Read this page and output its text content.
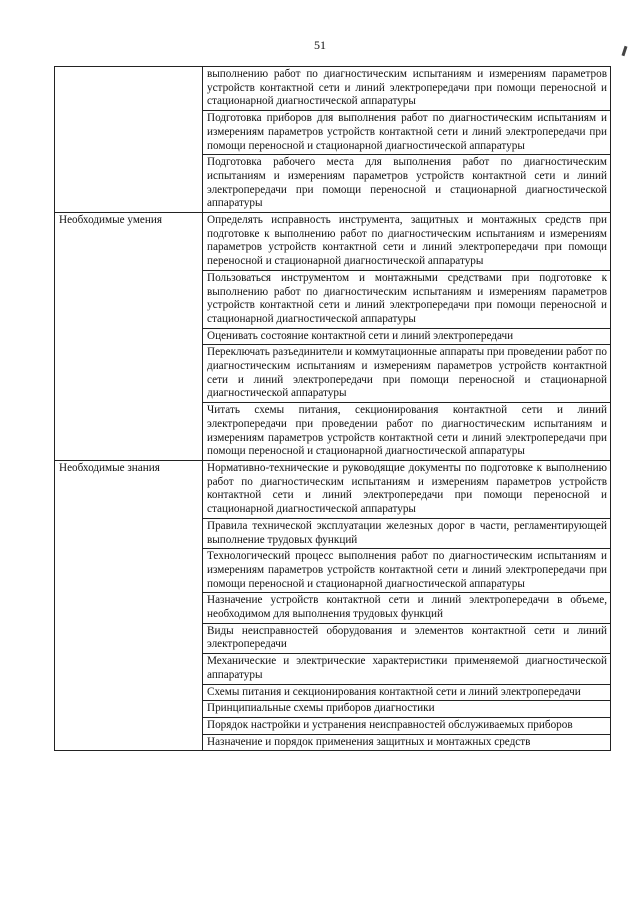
51
	выполнению работ по диагностическим испытаниям и измерениям параметров устройств контактной сети и линий электропередачи при помощи переносной и стационарной диагностической аппаратуры
	Подготовка приборов для выполнения работ по диагностическим испытаниям и измерениям параметров устройств контактной сети и линий электропередачи при помощи переносной и стационарной диагностической аппаратуры
	Подготовка рабочего места для выполнения работ по диагностическим испытаниям и измерениям параметров устройств контактной сети и линий электропередачи при помощи переносной и стационарной диагностической аппаратуры
Необходимые умения	Определять исправность инструмента, защитных и монтажных средств при подготовке к выполнению работ по диагностическим испытаниям и измерениям параметров устройств контактной сети и линий электропередачи при помощи переносной и стационарной диагностической аппаратуры
	Пользоваться инструментом и монтажными средствами при подготовке к выполнению работ по диагностическим испытаниям и измерениям параметров устройств контактной сети и линий электропередачи при помощи переносной и стационарной диагностической аппаратуры
	Оценивать состояние контактной сети и линий электропередачи
	Переключать разъединители и коммутационные аппараты при проведении работ по диагностическим испытаниям и измерениям параметров устройств контактной сети и линий электропередачи при помощи переносной и стационарной диагностической аппаратуры
	Читать схемы питания, секционирования контактной сети и линий электропередачи при проведении работ по диагностическим испытаниям и измерениям параметров устройств контактной сети и линий электропередачи при помощи переносной и стационарной диагностической аппаратуры
Необходимые знания	Нормативно-технические и руководящие документы по подготовке к выполнению работ по диагностическим испытаниям и измерениям параметров устройств контактной сети и линий электропередачи при помощи переносной и стационарной диагностической аппаратуры
	Правила технической эксплуатации железных дорог в части, регламентирующей выполнение трудовых функций
	Технологический процесс выполнения работ по диагностическим испытаниям и измерениям параметров устройств контактной сети и линий электропередачи при помощи переносной и стационарной диагностической аппаратуры
	Назначение устройств контактной сети и линий электропередачи в объеме, необходимом для выполнения трудовых функций
	Виды неисправностей оборудования и элементов контактной сети и линий электропередачи
	Механические и электрические характеристики применяемой диагностической аппаратуры
	Схемы питания и секционирования контактной сети и линий электропередачи
	Принципиальные схемы приборов диагностики
	Порядок настройки и устранения неисправностей обслуживаемых приборов
	Назначение и порядок применения защитных и монтажных средств
